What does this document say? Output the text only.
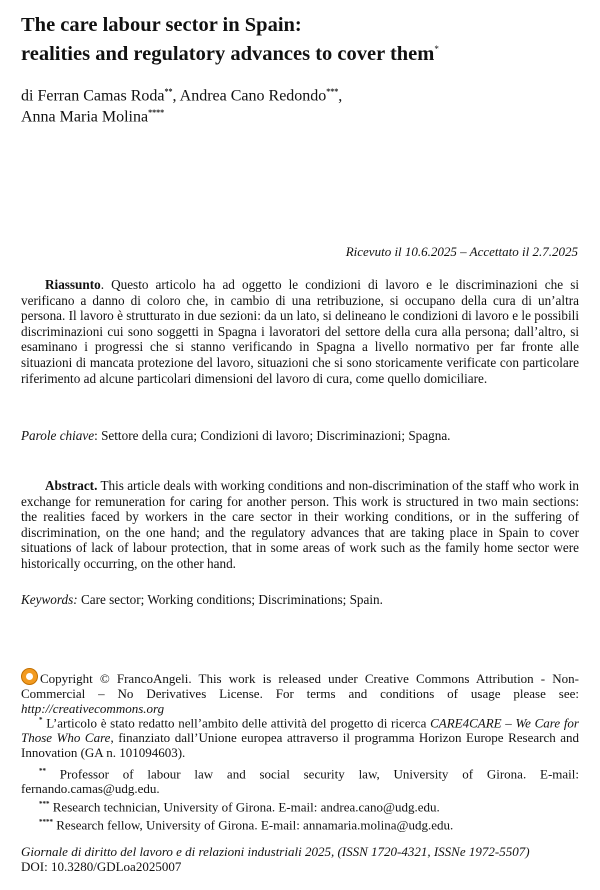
The care labour sector in Spain:
realities and regulatory advances to cover them*
di Ferran Camas Roda**, Andrea Cano Redondo***,
Anna Maria Molina****
Ricevuto il 10.6.2025 – Accettato il 2.7.2025
Riassunto. Questo articolo ha ad oggetto le condizioni di lavoro e le discriminazioni che si verificano a danno di coloro che, in cambio di una retribuzione, si occupano della cura di un’altra persona. Il lavoro è strutturato in due sezioni: da un lato, si delineano le condizioni di lavoro e le possibili discriminazioni cui sono soggetti in Spagna i lavoratori del settore della cura alla persona; dall’altro, si esaminano i progressi che si stanno verificando in Spagna a livello normativo per far fronte alle situazioni di mancata protezione del lavoro, situazioni che si sono storicamente verificate con particolare riferimento ad alcune particolari dimensioni del lavoro di cura, come quello domiciliare.
Parole chiave: Settore della cura; Condizioni di lavoro; Discriminazioni; Spagna.
Abstract. This article deals with working conditions and non-discrimination of the staff who work in exchange for remuneration for caring for another person. This work is structured in two main sections: the realities faced by workers in the care sector in their working conditions, or in the suffering of discrimination, on the one hand; and the regulatory advances that are taking place in Spain to cover situations of lack of labour protection, that in some areas of work such as the family home sector were historically occurring, on the other hand.
Keywords: Care sector; Working conditions; Discriminations; Spain.
Copyright © FrancoAngeli. This work is released under Creative Commons Attribution - Non-Commercial – No Derivatives License. For terms and conditions of usage please see: http://creativecommons.org
* L’articolo è stato redatto nell’ambito delle attività del progetto di ricerca CARE4CARE – We Care for Those Who Care, finanziato dall’Unione europea attraverso il programma Horizon Europe Research and Innovation (GA n. 101094603).
** Professor of labour law and social security law, University of Girona. E-mail: fernando.camas@udg.edu.
*** Research technician, University of Girona. E-mail: andrea.cano@udg.edu.
**** Research fellow, University of Girona. E-mail: annamaria.molina@udg.edu.
Giornale di diritto del lavoro e di relazioni industriali 2025, (ISSN 1720-4321, ISSNe 1972-5507)
DOI: 10.3280/GDLoa2025007
